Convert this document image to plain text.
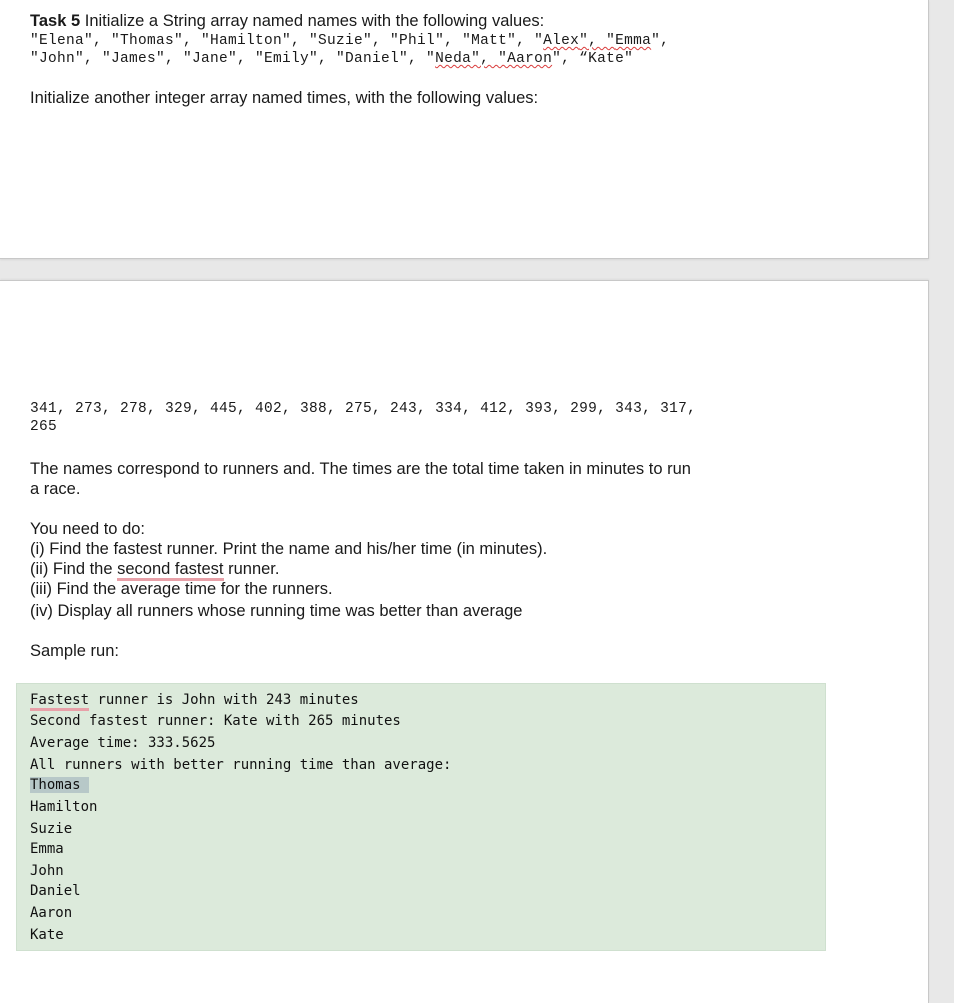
Task 5 Initialize a String array named names with the following values:
"Elena", "Thomas", "Hamilton", "Suzie", "Phil", "Matt", "Alex", "Emma",
"John", "James", "Jane", "Emily", "Daniel", "Neda", "Aaron", “Kate"
Initialize another integer array named times, with the following values:
341, 273, 278, 329, 445, 402, 388, 275, 243, 334, 412, 393, 299, 343, 317,
265
The names correspond to runners and. The times are the total time taken in minutes to run
a race.
You need to do:
(i) Find the fastest runner. Print the name and his/her time (in minutes).
(ii) Find the second fastest runner.
(iii) Find the average time for the runners.
(iv) Display all runners whose running time was better than average
Sample run:
Fastest runner is John with 243 minutes
Second fastest runner: Kate with 265 minutes
Average time: 333.5625
All runners with better running time than average:
Thomas
Hamilton
Suzie
Emma
John
Daniel
Aaron
Kate
